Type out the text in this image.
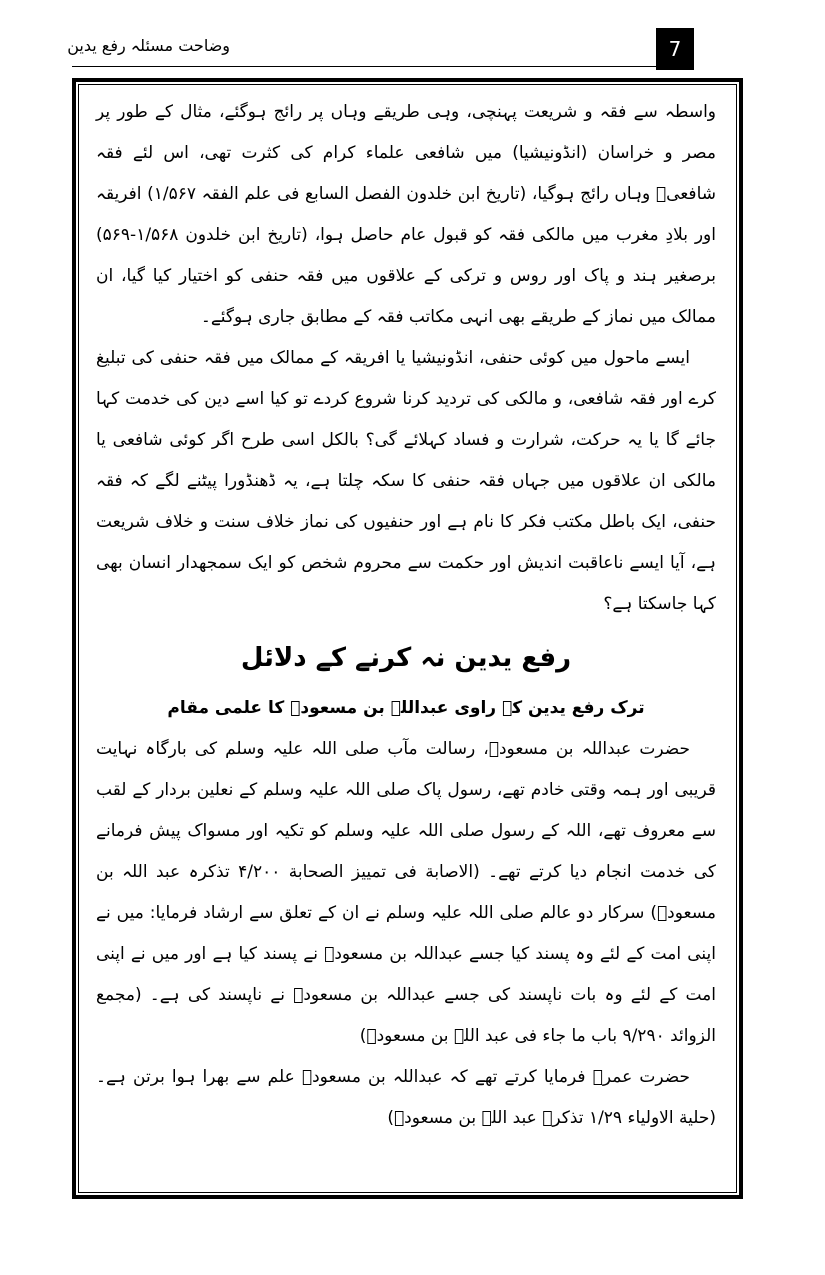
وضاحت مسئلہ رفع یدین	7

واسطہ سے فقہ و شریعت پہنچی، وہی طریقے وہاں پر رائج ہوگئے، مثال کے طور پر مصر و خراسان (انڈونیشیا) میں شافعی علماء کرام کی کثرت تھی، اس لئے فقہ شافعیؒ وہاں رائج ہوگیا، (تاریخ ابن خلدون الفصل السابع فی علم الفقہ ۱/۵۶۷) افریقہ اور بلادِ مغرب میں مالکی فقہ کو قبول عام حاصل ہوا، (تاریخ ابن خلدون ۱/۵۶۸-۵۶۹) برصغیر ہند و پاک اور روس و ترکی کے علاقوں میں فقہ حنفی کو اختیار کیا گیا، ان ممالک میں نماز کے طریقے بھی انہی مکاتب فقہ کے مطابق جاری ہوگئے۔

ایسے ماحول میں کوئی حنفی، انڈونیشیا یا افریقہ کے ممالک میں فقہ حنفی کی تبلیغ کرے اور فقہ شافعی، و مالکی کی تردید کرنا شروع کردے تو کیا اسے دین کی خدمت کہا جائے گا یا یہ حرکت، شرارت و فساد کہلائے گی؟ بالکل اسی طرح اگر کوئی شافعی یا مالکی ان علاقوں میں جہاں فقہ حنفی کا سکہ چلتا ہے، یہ ڈھنڈورا پیٹنے لگے کہ فقہ حنفی، ایک باطل مکتب فکر کا نام ہے اور حنفیوں کی نماز خلاف سنت و خلاف شریعت ہے، آیا ایسے ناعاقبت اندیش اور حکمت سے محروم شخص کو ایک سمجھدار انسان بھی کہا جاسکتا ہے؟

رفع یدین نہ کرنے کے دلائل
ترک رفع یدین کے راوی عبداللہ بن مسعودؓ کا علمی مقام

حضرت عبداللہ بن مسعودؓ، رسالت مآب صلی اللہ علیہ وسلم کی بارگاہ نہایت قریبی اور ہمہ وقتی خادم تھے، رسول پاک صلی اللہ علیہ وسلم کے نعلین بردار کے لقب سے معروف تھے، اللہ کے رسول صلی اللہ علیہ وسلم کو تکیہ اور مسواک پیش فرمانے کی خدمت انجام دیا کرتے تھے۔ (الاصابة فی تمییز الصحابة ۴/۲۰۰ تذکرہ عبد اللہ بن مسعودؓ) سرکار دو عالم صلی اللہ علیہ وسلم نے ان کے تعلق سے ارشاد فرمایا: میں نے اپنی امت کے لئے وہ پسند کیا جسے عبداللہ بن مسعودؓ نے پسند کیا ہے اور میں نے اپنی امت کے لئے وہ بات ناپسند کی جسے عبداللہ بن مسعودؓ نے ناپسند کی ہے۔ (مجمع الزوائد ۹/۲۹۰ باب ما جاء فی عبد اللہ بن مسعودؓ)

حضرت عمرؓ فرمایا کرتے تھے کہ عبداللہ بن مسعودؓ علم سے بھرا ہوا برتن ہے۔ (حلیة الاولیاء ۱/۲۹ تذکرہ عبد اللہ بن مسعودؓ)
